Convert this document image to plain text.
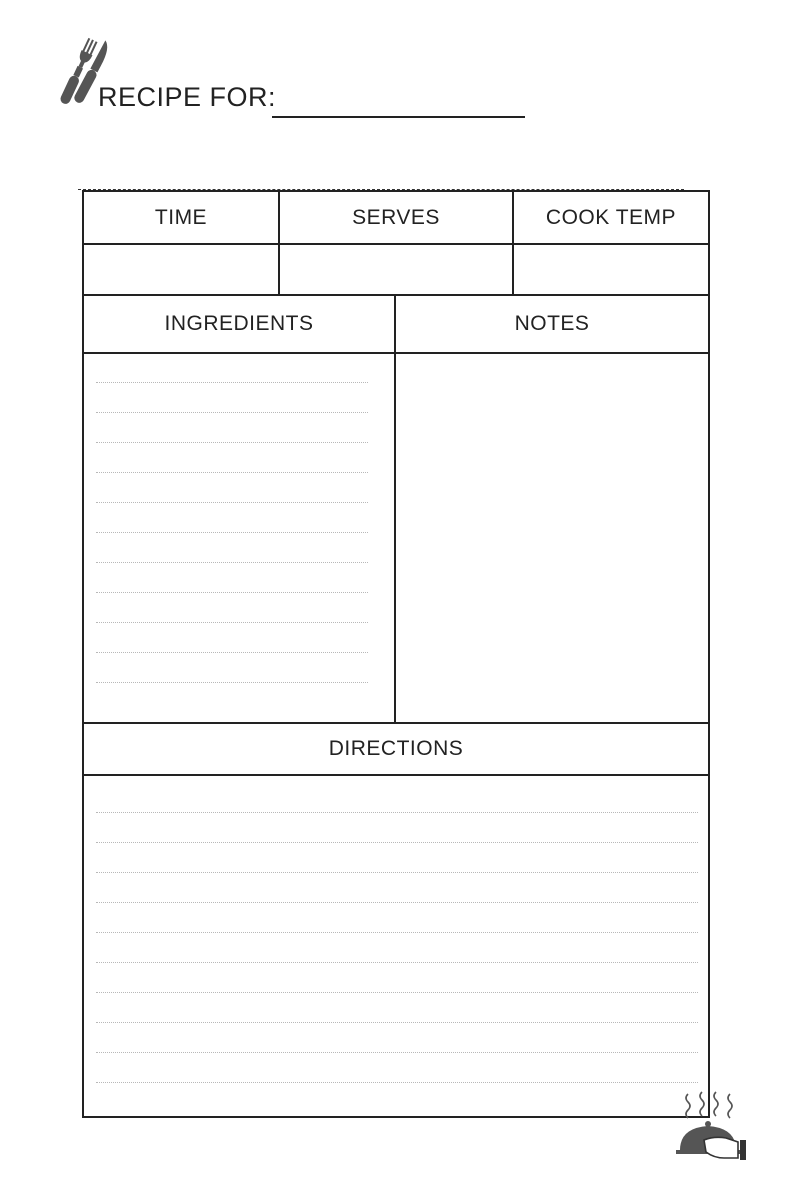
RECIPE FOR:
TIME	SERVES	COOK TEMP
INGREDIENTS	NOTES
DIRECTIONS
